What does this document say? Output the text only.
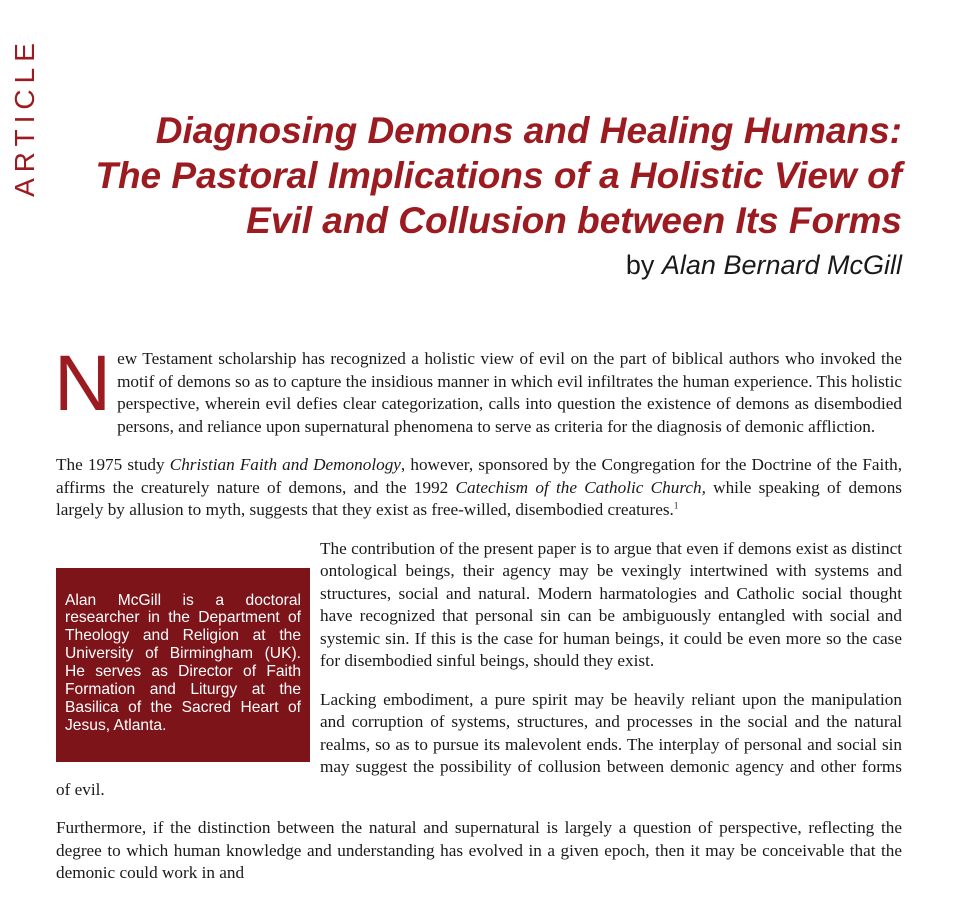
ARTICLE	Diagnosing Demons and Healing Humans:
The Pastoral Implications of a Holistic View of
Evil and Collusion between Its Forms
by Alan Bernard McGill

New Testament scholarship has recognized a holistic view of evil on the part of biblical authors who invoked the motif of demons so as to capture the insidious manner in which evil infiltrates the human experience. This holistic perspective, wherein evil defies clear categorization, calls into question the existence of demons as disembodied persons, and reliance upon supernatural phenomena to serve as criteria for the diagnosis of demonic affliction.

The 1975 study Christian Faith and Demonology, however, sponsored by the Congregation for the Doctrine of the Faith, affirms the creaturely nature of demons, and the 1992 Catechism of the Catholic Church, while speaking of demons largely by allusion to myth, suggests that they exist as free-willed, disembodied creatures.$^1$

Alan McGill is a doctoral researcher in the Department of Theology and Religion at the University of Birmingham (UK). He serves as Director of Faith Formation and Liturgy at the Basilica of the Sacred Heart of Jesus, Atlanta.

The contribution of the present paper is to argue that even if demons exist as distinct ontological beings, their agency may be vexingly intertwined with systems and structures, social and natural. Modern harmatologies and Catholic social thought have recognized that personal sin can be ambiguously entangled with social and systemic sin. If this is the case for human beings, it could be even more so the case for disembodied sinful beings, should they exist.

Lacking embodiment, a pure spirit may be heavily reliant upon the manipulation and corruption of systems, structures, and processes in the social and the natural realms, so as to pursue its malevolent ends. The interplay of personal and social sin may suggest the possibility of collusion between demonic agency and other forms of evil.

Furthermore, if the distinction between the natural and supernatural is largely a question of perspective, reflecting the degree to which human knowledge and understanding has evolved in a given epoch, then it may be conceivable that the demonic could work in and
